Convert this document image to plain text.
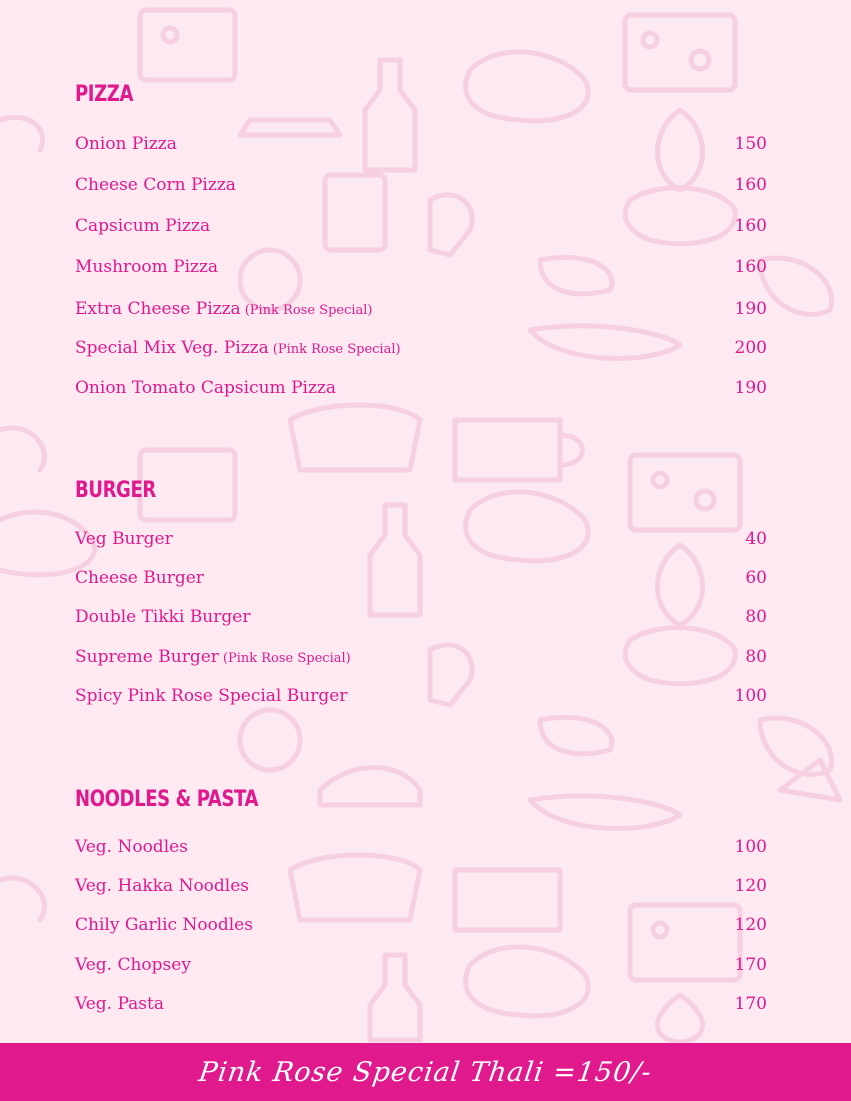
PIZZA
Onion Pizza	150
Cheese Corn Pizza	160
Capsicum Pizza	160
Mushroom Pizza	160
Extra Cheese Pizza (Pink Rose Special)	190
Special Mix Veg. Pizza (Pink Rose Special)	200
Onion Tomato Capsicum Pizza	190
BURGER
Veg Burger	40
Cheese Burger	60
Double Tikki Burger	80
Supreme Burger (Pink Rose Special)	80
Spicy Pink Rose Special Burger	100
NOODLES & PASTA
Veg. Noodles	100
Veg. Hakka Noodles	120
Chily Garlic Noodles	120
Veg. Chopsey	170
Veg. Pasta	170
Pink Rose Special Thali =150/-
